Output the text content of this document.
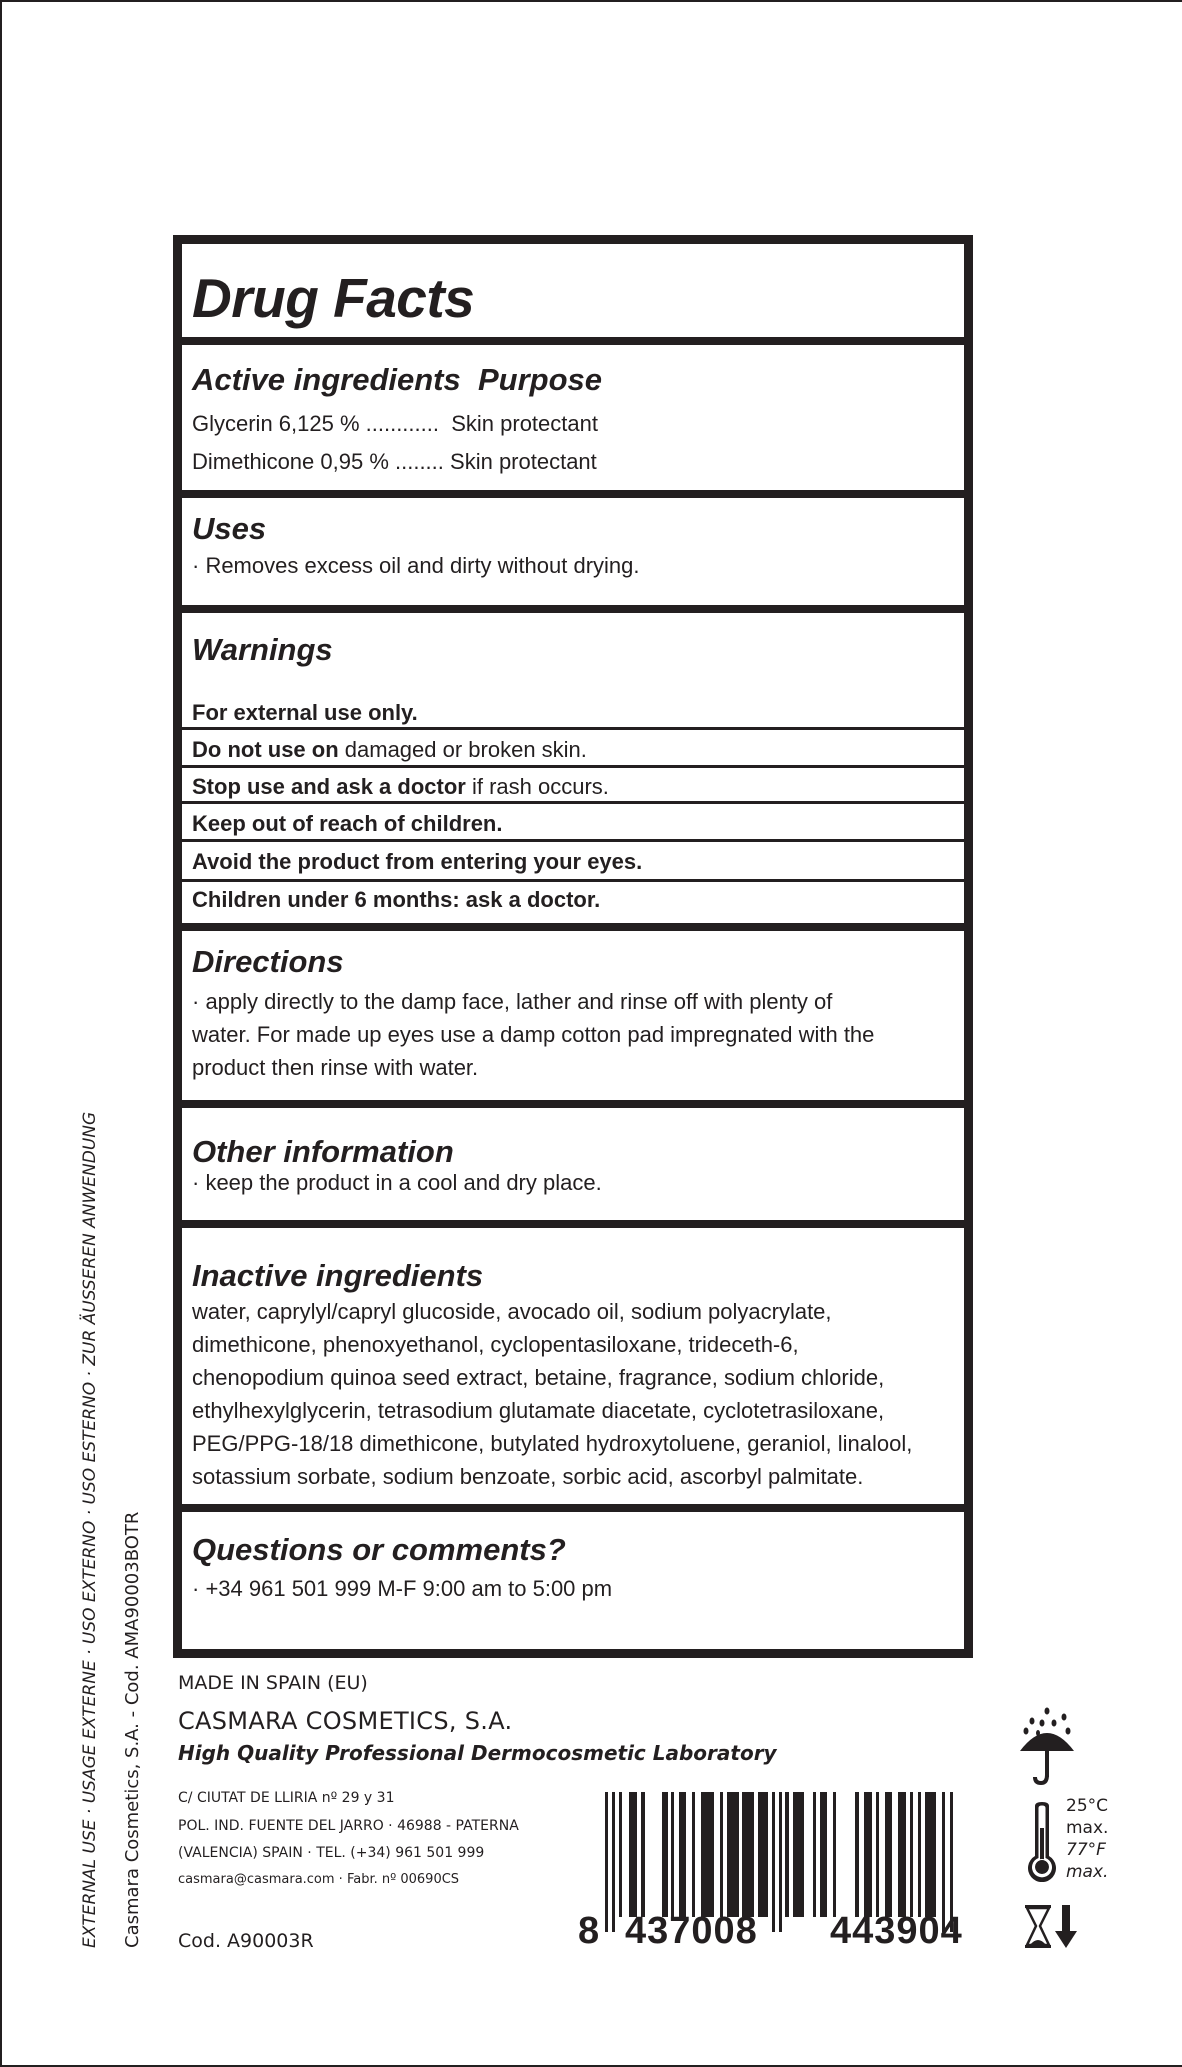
Drug Facts
Active ingredients Purpose
Glycerin 6,125 % ............ Skin protectant
Dimethicone 0,95 % ........ Skin protectant
Uses
· Removes excess oil and dirty without drying.
Warnings
For external use only.
Do not use on damaged or broken skin.
Stop use and ask a doctor if rash occurs.
Keep out of reach of children.
Avoid the product from entering your eyes.
Children under 6 months: ask a doctor.
Directions
· apply directly to the damp face, lather and rinse off with plenty of
water. For made up eyes use a damp cotton pad impregnated with the
product then rinse with water.
Other information
· keep the product in a cool and dry place.
Inactive ingredients
water, caprylyl/capryl glucoside, avocado oil, sodium polyacrylate,
dimethicone, phenoxyethanol, cyclopentasiloxane, trideceth-6,
chenopodium quinoa seed extract, betaine, fragrance, sodium chloride,
ethylhexylglycerin, tetrasodium glutamate diacetate, cyclotetrasiloxane,
PEG/PPG-18/18 dimethicone, butylated hydroxytoluene, geraniol, linalool,
sotassium sorbate, sodium benzoate, sorbic acid, ascorbyl palmitate.
Questions or comments?
· +34 961 501 999 M-F 9:00 am to 5:00 pm
MADE IN SPAIN (EU)
CASMARA COSMETICS, S.A.
High Quality Professional Dermocosmetic Laboratory
C/ CIUTAT DE LLIRIA nº 29 y 31
POL. IND. FUENTE DEL JARRO · 46988 - PATERNA
(VALENCIA) SPAIN · TEL. (+34) 961 501 999
casmara@casmara.com · Fabr. nº 00690CS
Cod. A90003R
EXTERNAL USE · USAGE EXTERNE · USO EXTERNO · USO ESTERNO · ZUR ÄUSSEREN ANWENDUNG Casmara Cosmetics, S.A. - Cod. AMA90003BOTR	8 437008 443904
25°C
max.
77°F
max.
